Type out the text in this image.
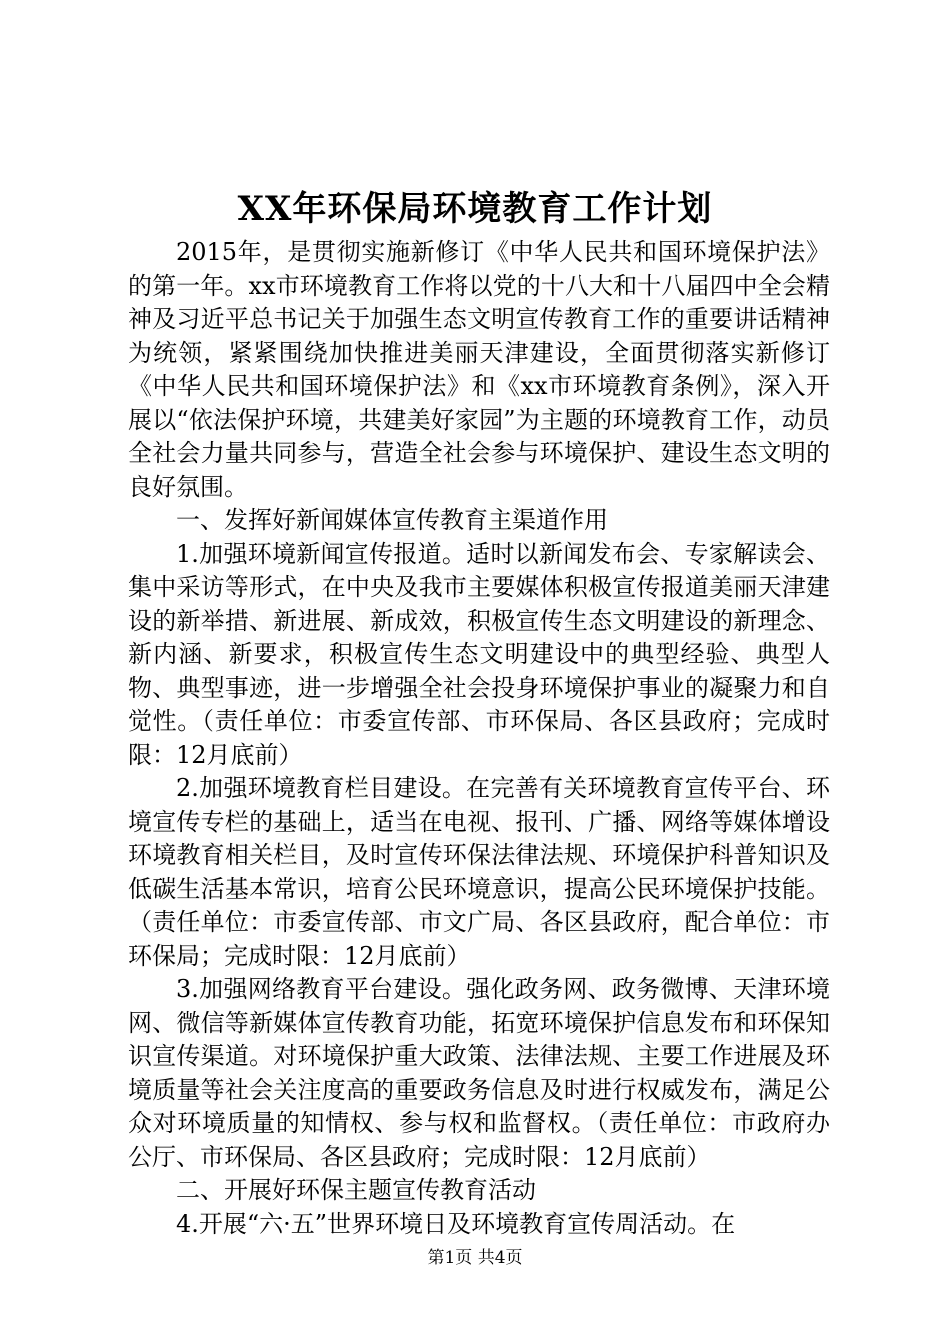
XX年环保局环境教育工作计划

2015年，是贯彻实施新修订《中华人民共和国环境保护法》的第一年。xx市环境教育工作将以党的十八大和十八届四中全会精神及习近平总书记关于加强生态文明宣传教育工作的重要讲话精神为统领，紧紧围绕加快推进美丽天津建设，全面贯彻落实新修订《中华人民共和国环境保护法》和《xx市环境教育条例》，深入开展以“依法保护环境，共建美好家园”为主题的环境教育工作，动员全社会力量共同参与，营造全社会参与环境保护、建设生态文明的良好氛围。

一、发挥好新闻媒体宣传教育主渠道作用

1.加强环境新闻宣传报道。适时以新闻发布会、专家解读会、集中采访等形式，在中央及我市主要媒体积极宣传报道美丽天津建设的新举措、新进展、新成效，积极宣传生态文明建设的新理念、新内涵、新要求，积极宣传生态文明建设中的典型经验、典型人物、典型事迹，进一步增强全社会投身环境保护事业的凝聚力和自觉性。（责任单位：市委宣传部、市环保局、各区县政府；完成时限：12月底前）

2.加强环境教育栏目建设。在完善有关环境教育宣传平台、环境宣传专栏的基础上，适当在电视、报刊、广播、网络等媒体增设环境教育相关栏目，及时宣传环保法律法规、环境保护科普知识及低碳生活基本常识，培育公民环境意识，提高公民环境保护技能。（责任单位：市委宣传部、市文广局、各区县政府，配合单位：市环保局；完成时限：12月底前）

3.加强网络教育平台建设。强化政务网、政务微博、天津环境网、微信等新媒体宣传教育功能，拓宽环境保护信息发布和环保知识宣传渠道。对环境保护重大政策、法律法规、主要工作进展及环境质量等社会关注度高的重要政务信息及时进行权威发布，满足公众对环境质量的知情权、参与权和监督权。（责任单位：市政府办公厅、市环保局、各区县政府；完成时限：12月底前）

二、开展好环保主题宣传教育活动

4.开展“六·五”世界环境日及环境教育宣传周活动。在

第1页 共4页
